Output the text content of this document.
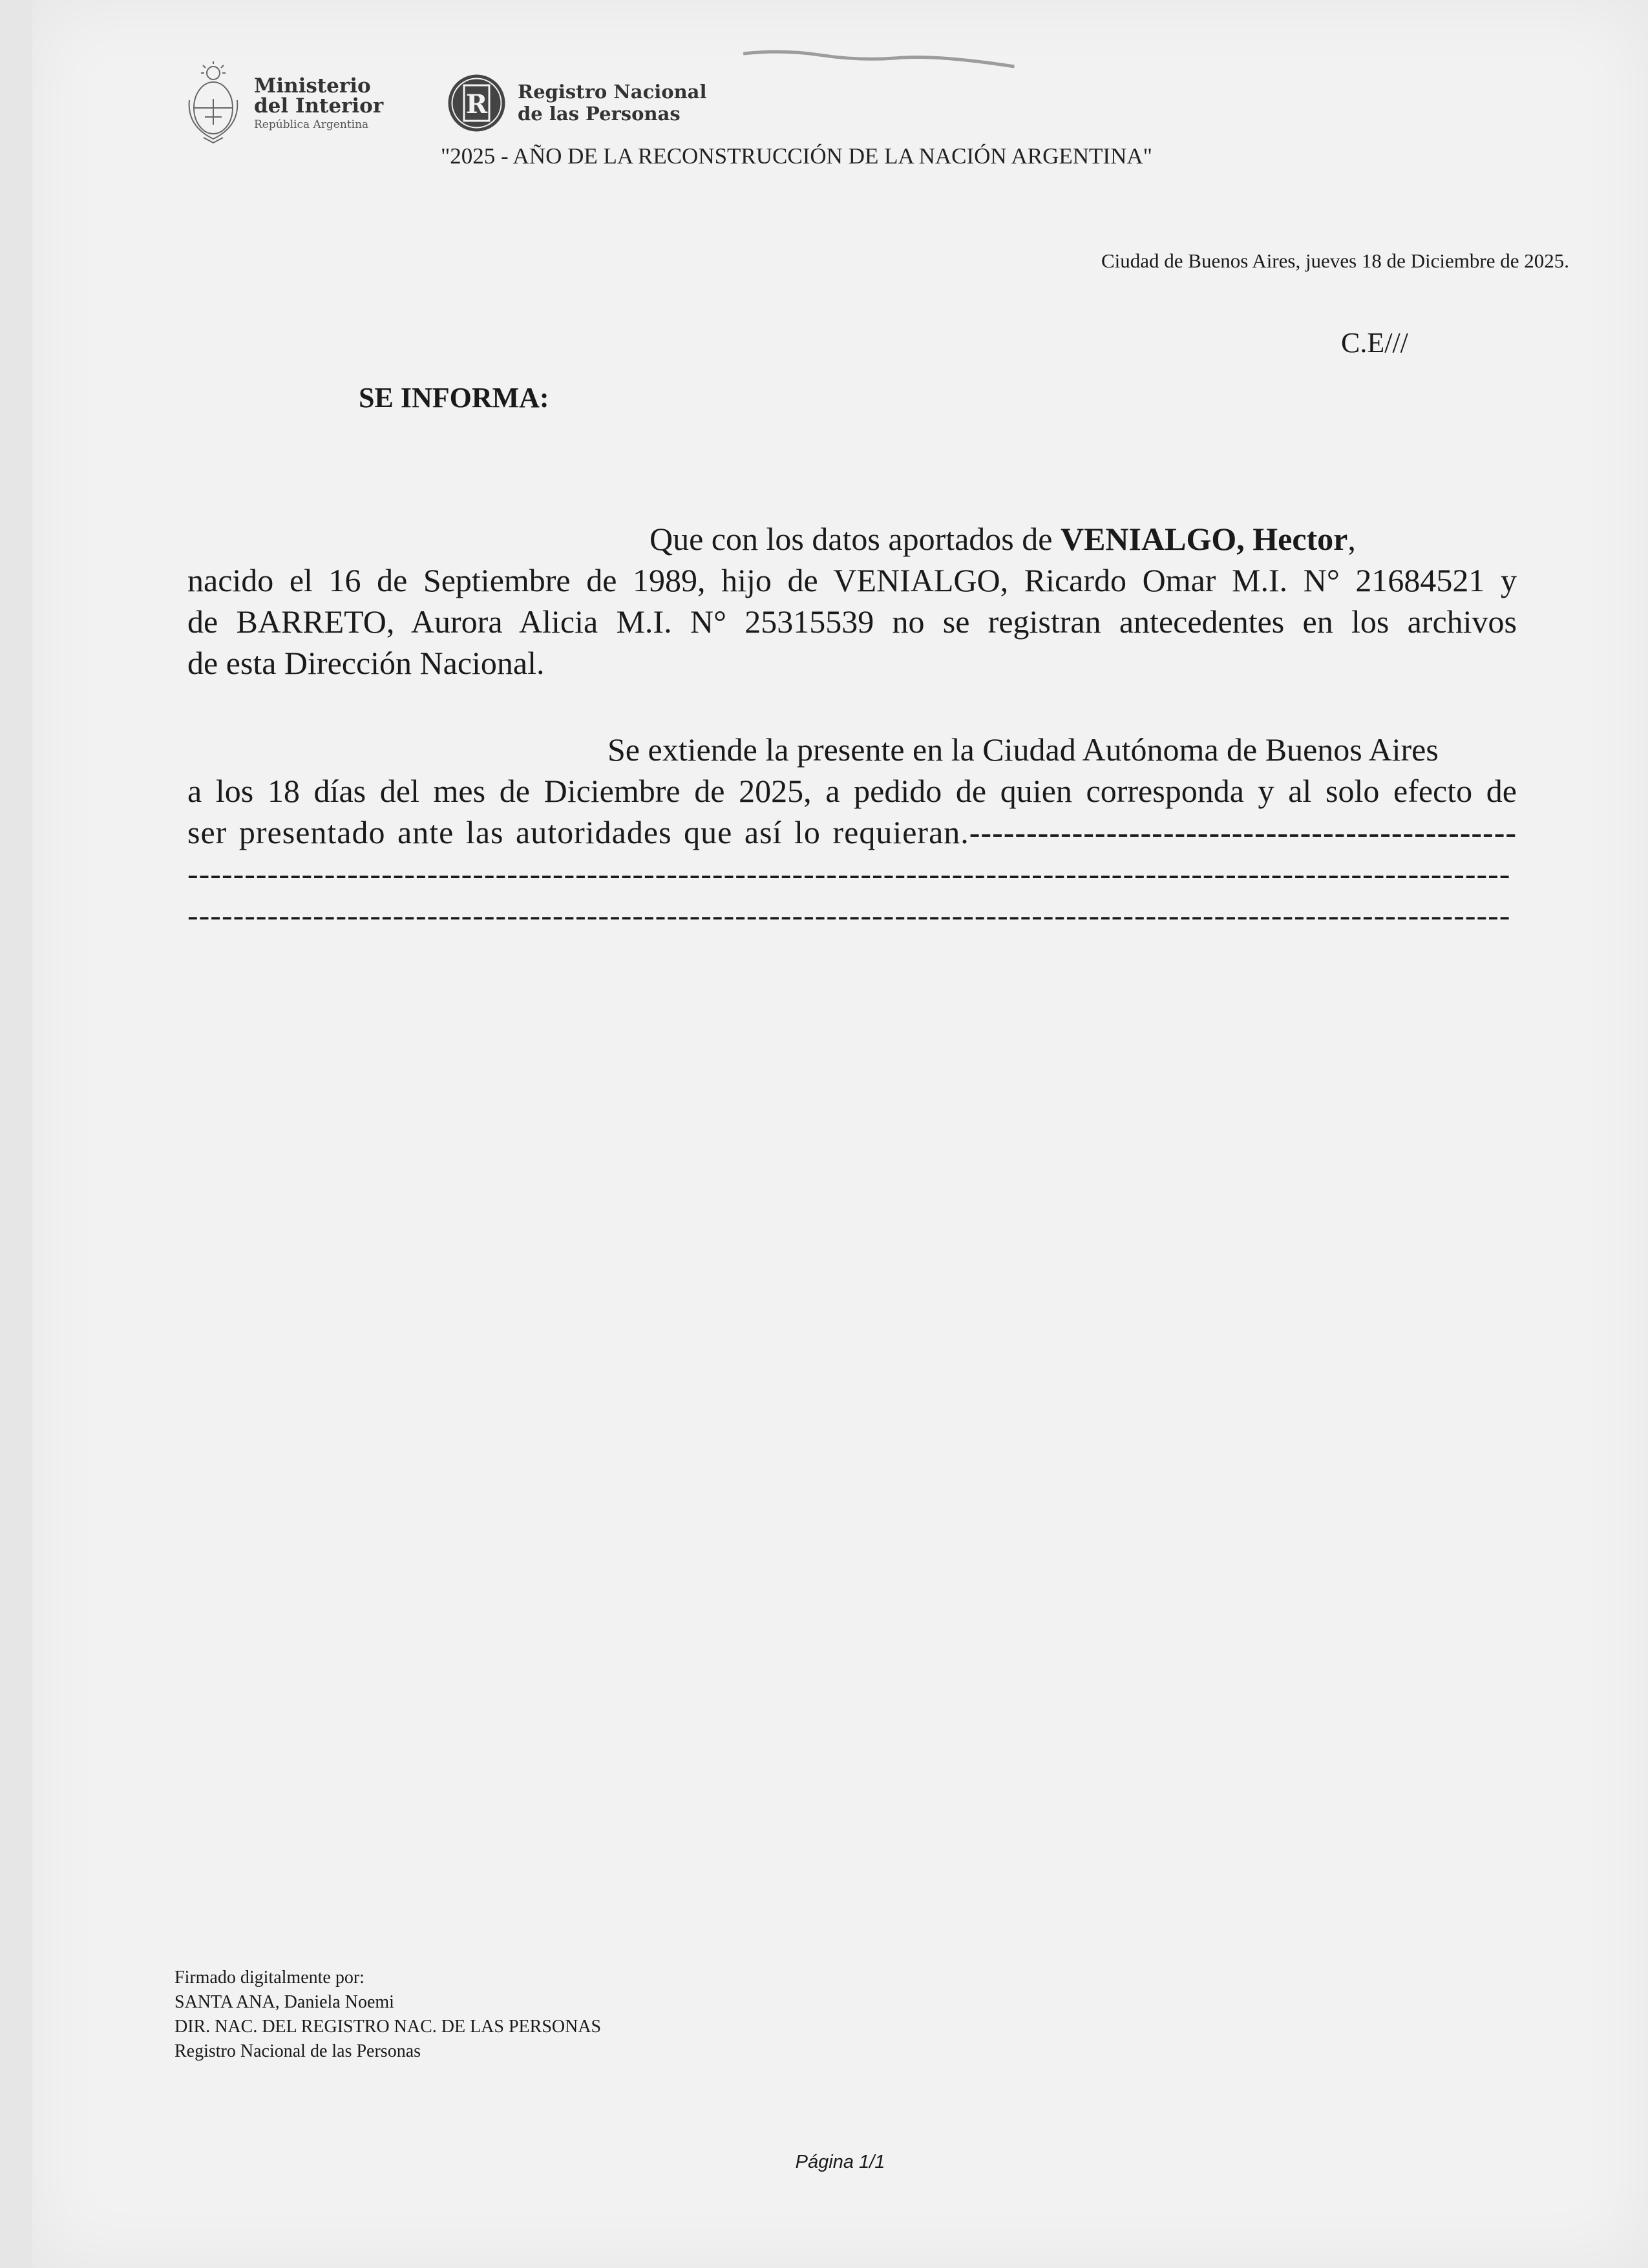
Ministerio
del Interior
República Argentina
R Registro Nacional
de las Personas
"2025 - AÑO DE LA RECONSTRUCCIÓN DE LA NACIÓN ARGENTINA"
Ciudad de Buenos Aires, jueves 18 de Diciembre de 2025.
C.E///
SE INFORMA:
Que con los datos aportados de VENIALGO, Hector,
nacido el 16 de Septiembre de 1989, hijo de VENIALGO, Ricardo Omar M.I. N° 21684521 y
de BARRETO, Aurora Alicia M.I. N° 25315539 no se registran antecedentes en los archivos
de esta Dirección Nacional.
Se extiende la presente en la Ciudad Autónoma de Buenos Aires
a los 18 días del mes de Diciembre de 2025, a pedido de quien corresponda y al solo efecto de
ser presentado ante las autoridades que así lo requieran.------------------------------------------------
--------------------------------------------------------------------------------------------------------------------
--------------------------------------------------------------------------------------------------------------------
Firmado digitalmente por:
SANTA ANA, Daniela Noemi
DIR. NAC. DEL REGISTRO NAC. DE LAS PERSONAS
Registro Nacional de las Personas
Página 1/1
